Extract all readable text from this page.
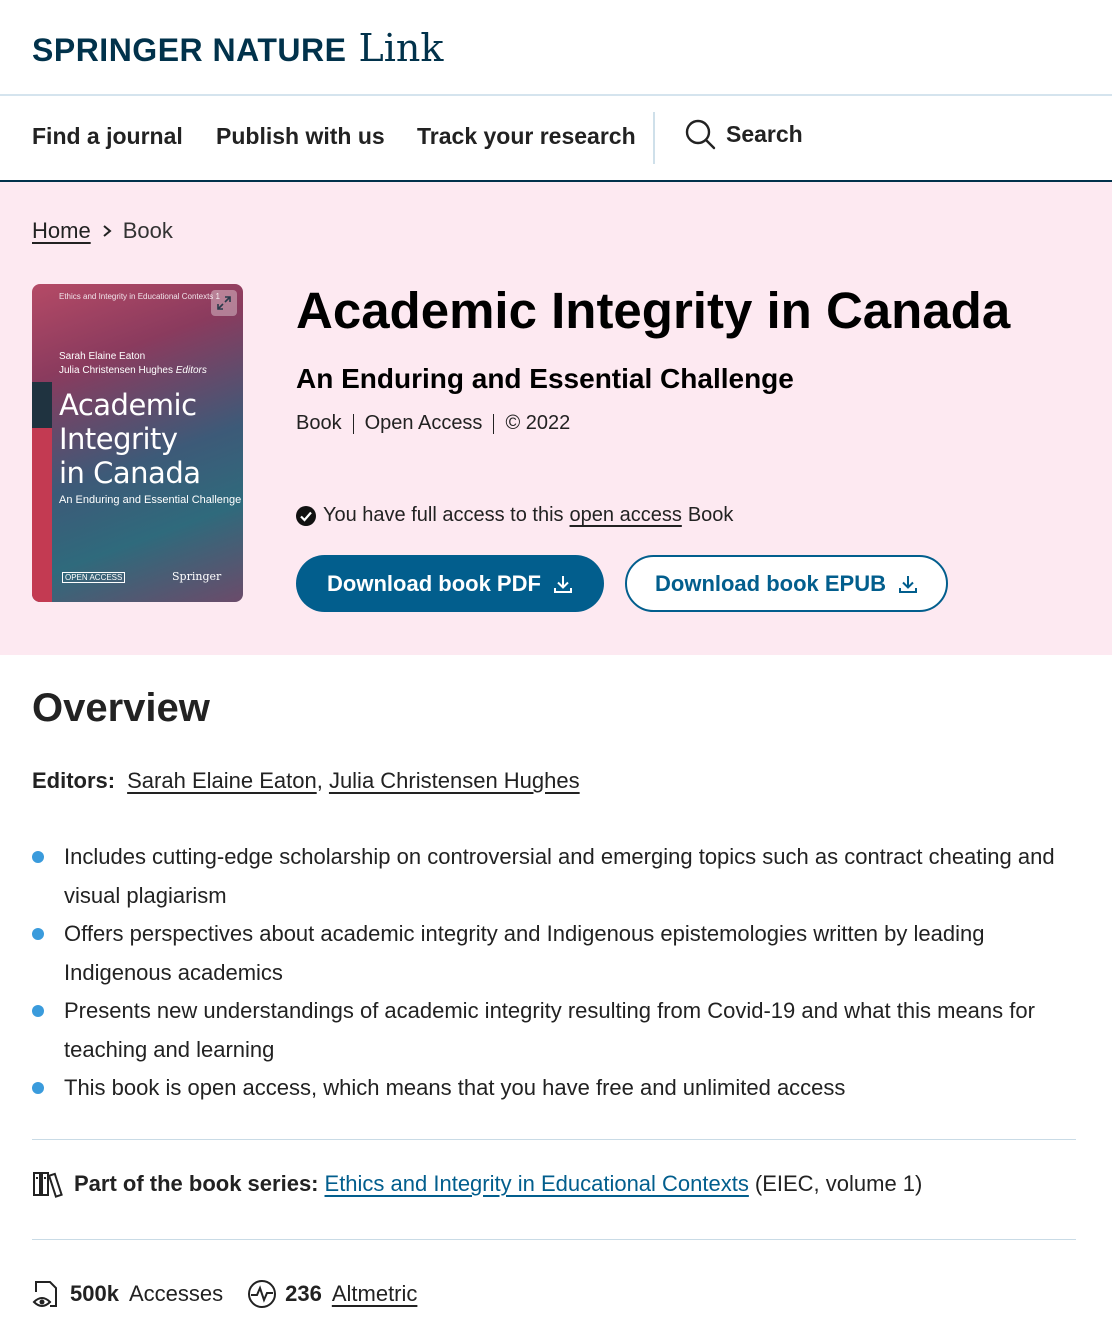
SPRINGER NATURE Link
Find a journal Publish with us Track your research	Search
Home Book
Ethics and Integrity in Educational Contexts 1
Sarah Elaine Eaton
Julia Christensen Hughes Editors
Academic
Integrity
in Canada
An Enduring and Essential Challenge
OPEN ACCESS	Springer
Academic Integrity in Canada
An Enduring and Essential Challenge
Book Open Access © 2022
You have full access to this open access Book
Download book PDF	Download book EPUB
Overview
Editors: Sarah Elaine Eaton , Julia Christensen Hughes
Includes cutting-edge scholarship on controversial and emerging topics such as contract cheating and visual plagiarism
Offers perspectives about academic integrity and Indigenous epistemologies written by leading Indigenous academics
Presents new understandings of academic integrity resulting from Covid-19 and what this means for teaching and learning
This book is open access, which means that you have free and unlimited access
Part of the book series: Ethics and Integrity in Educational Contexts (EIEC, volume 1)
500k Accesses	236 Altmetric
